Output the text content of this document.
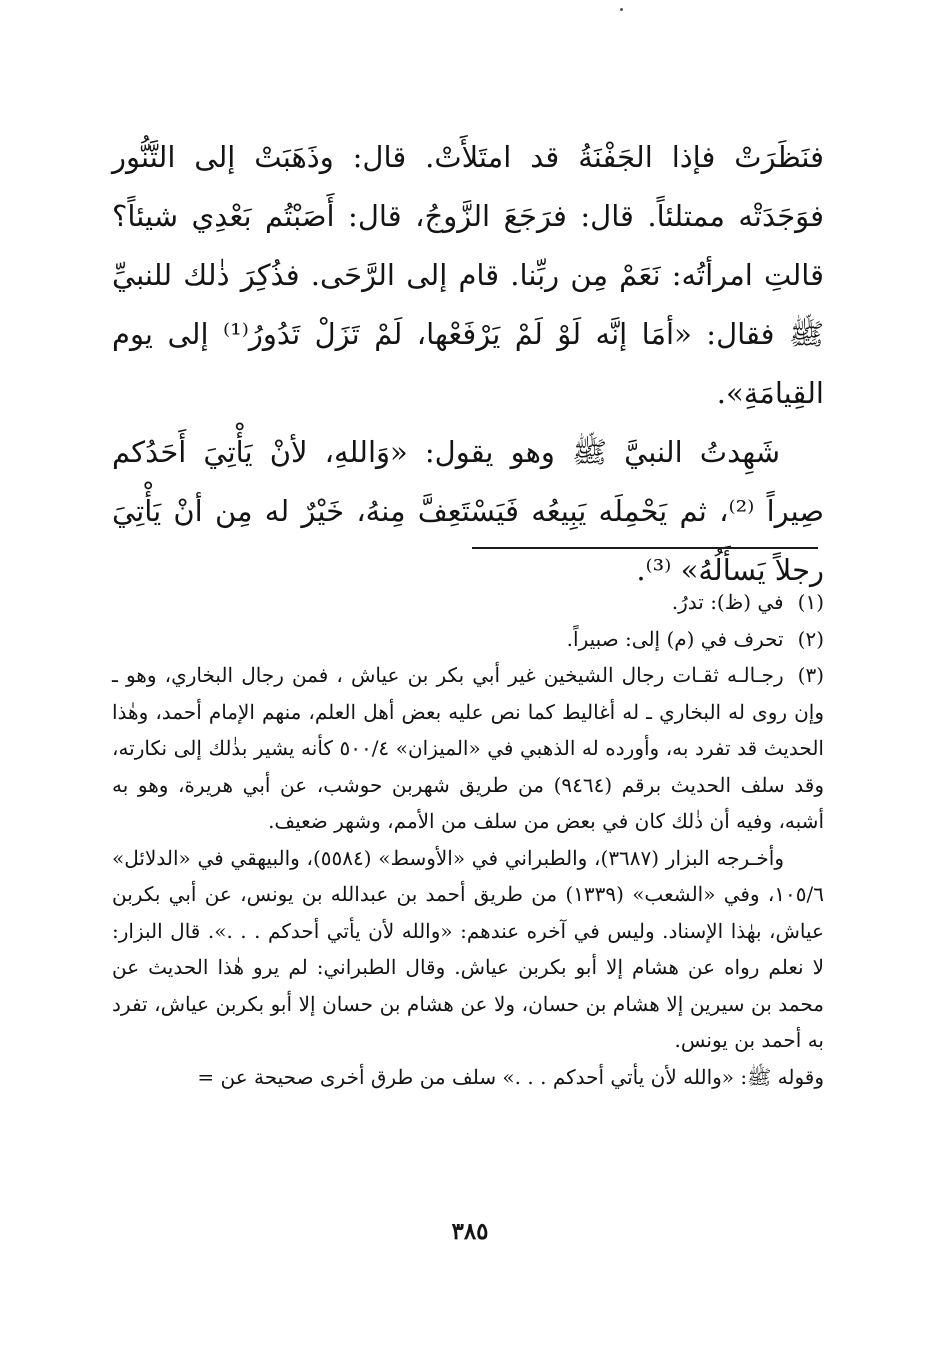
فنَظَرَتْ فإذا الجَفْنَةُ قد امتَلأَتْ. قال: وذَهَبَتْ إلى التَّنُّور فوَجَدَتْه ممتلئاً. قال: فرَجَعَ الزَّوجُ، قال: أَصَبْتُم بَعْدِي شيئاً؟ قالتِ امرأتُه: نَعَمْ مِن ربِّنا. قام إلى الرَّحَى. فذُكِرَ ذٰلك للنبيِّ ﷺ فقال: «أمَا إنَّه لَوْ لَمْ يَرْفَعْها، لَمْ تَزَلْ تَدُورُ⁽¹⁾ إلى يوم القِيامَةِ».

شَهِدتُ النبيَّ ﷺ وهو يقول: «وَاللهِ، لأنْ يَأْتِيَ أَحَدُكم صِيراً ⁽²⁾، ثم يَحْمِلَه يَبِيعُه فَيَسْتَعِفَّ مِنهُ، خَيْرٌ له مِن أنْ يَأْتِيَ رجلاً يَسأَلُهُ» ⁽³⁾.

(١)في (ظ): تدرُ.

(٢)تحرف في (م) إلى: صبيراً.

(٣)رجـالـه ثقـات رجال الشيخين غير أبي بكر بن عياش ، فمن رجال البخاري، وهو ـ وإن روى له البخاري ـ له أغاليط كما نص عليه بعض أهل العلم، منهم الإمام أحمد، وهٰذا الحديث قد تفرد به، وأورده له الذهبي في «الميزان» ٥٠٠/٤ كأنه يشير بذٰلك إلى نكارته، وقد سلف الحديث برقم (٩٤٦٤) من طريق شهربن حوشب، عن أبي هريرة، وهو به أشبه، وفيه أن ذٰلك كان في بعض من سلف من الأمم، وشهر ضعيف.

وأخـرجه البزار (٣٦٨٧)، والطبراني في «الأوسط» (٥٥٨٤)، والبيهقي في «الدلائل» ١٠٥/٦، وفي «الشعب» (١٣٣٩) من طريق أحمد بن عبدالله بن يونس، عن أبي بكربن عياش، بهٰذا الإسناد. وليس في آخره عندهم: «والله لأن يأتي أحدكم . . .». قال البزار: لا نعلم رواه عن هشام إلا أبو بكربن عياش. وقال الطبراني: لم يرو هٰذا الحديث عن محمد بن سيرين إلا هشام بن حسان، ولا عن هشام بن حسان إلا أبو بكربن عياش، تفرد به أحمد بن يونس.

وقوله ﷺ: «والله لأن يأتي أحدكم . . .» سلف من طرق أخرى صحيحة عن =

٣٨٥
